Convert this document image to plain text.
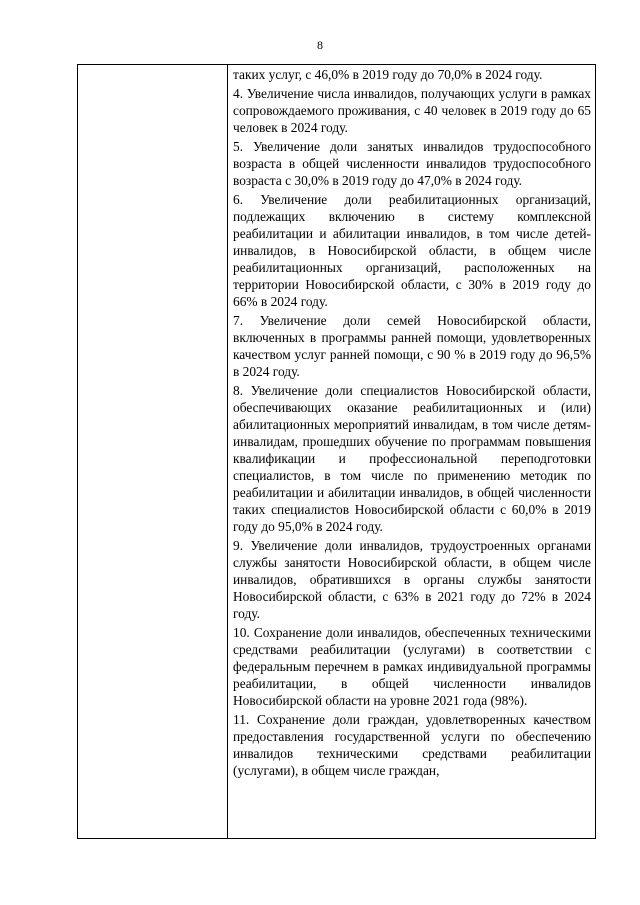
8

таких услуг, с 46,0% в 2019 году до 70,0% в 2024 году.

4. Увеличение числа инвалидов, получающих услуги в рамках сопровождаемого проживания, с 40 человек в 2019 году до 65 человек в 2024 году.

5. Увеличение доли занятых инвалидов трудоспособного возраста в общей численности инвалидов трудоспособного возраста с 30,0% в 2019 году до 47,0% в 2024 году.

6. Увеличение доли реабилитационных организаций, подлежащих включению в систему комплексной реабилитации и абилитации инвалидов, в том числе детей-инвалидов, в Новосибирской области, в общем числе реабилитационных организаций, расположенных на территории Новосибирской области, с 30% в 2019 году до 66% в 2024 году.

7. Увеличение доли семей Новосибирской области, включенных в программы ранней помощи, удовлетворенных качеством услуг ранней помощи, с 90 % в 2019 году до 96,5% в 2024 году.

8. Увеличение доли специалистов Новосибирской области, обеспечивающих оказание реабилитационных и (или) абилитационных мероприятий инвалидам, в том числе детям-инвалидам, прошедших обучение по программам повышения квалификации и профессиональной переподготовки специалистов, в том числе по применению методик по реабилитации и абилитации инвалидов, в общей численности таких специалистов Новосибирской области с 60,0% в 2019 году до 95,0% в 2024 году.

9. Увеличение доли инвалидов, трудоустроенных органами службы занятости Новосибирской области, в общем числе инвалидов, обратившихся в органы службы занятости Новосибирской области, с 63% в 2021 году до 72% в 2024 году.

10. Сохранение доли инвалидов, обеспеченных техническими средствами реабилитации (услугами) в соответствии с федеральным перечнем в рамках индивидуальной программы реабилитации, в общей численности инвалидов Новосибирской области на уровне 2021 года (98%).

11. Сохранение доли граждан, удовлетворенных качеством предоставления государственной услуги по обеспечению инвалидов техническими средствами реабилитации (услугами), в общем числе граждан,
